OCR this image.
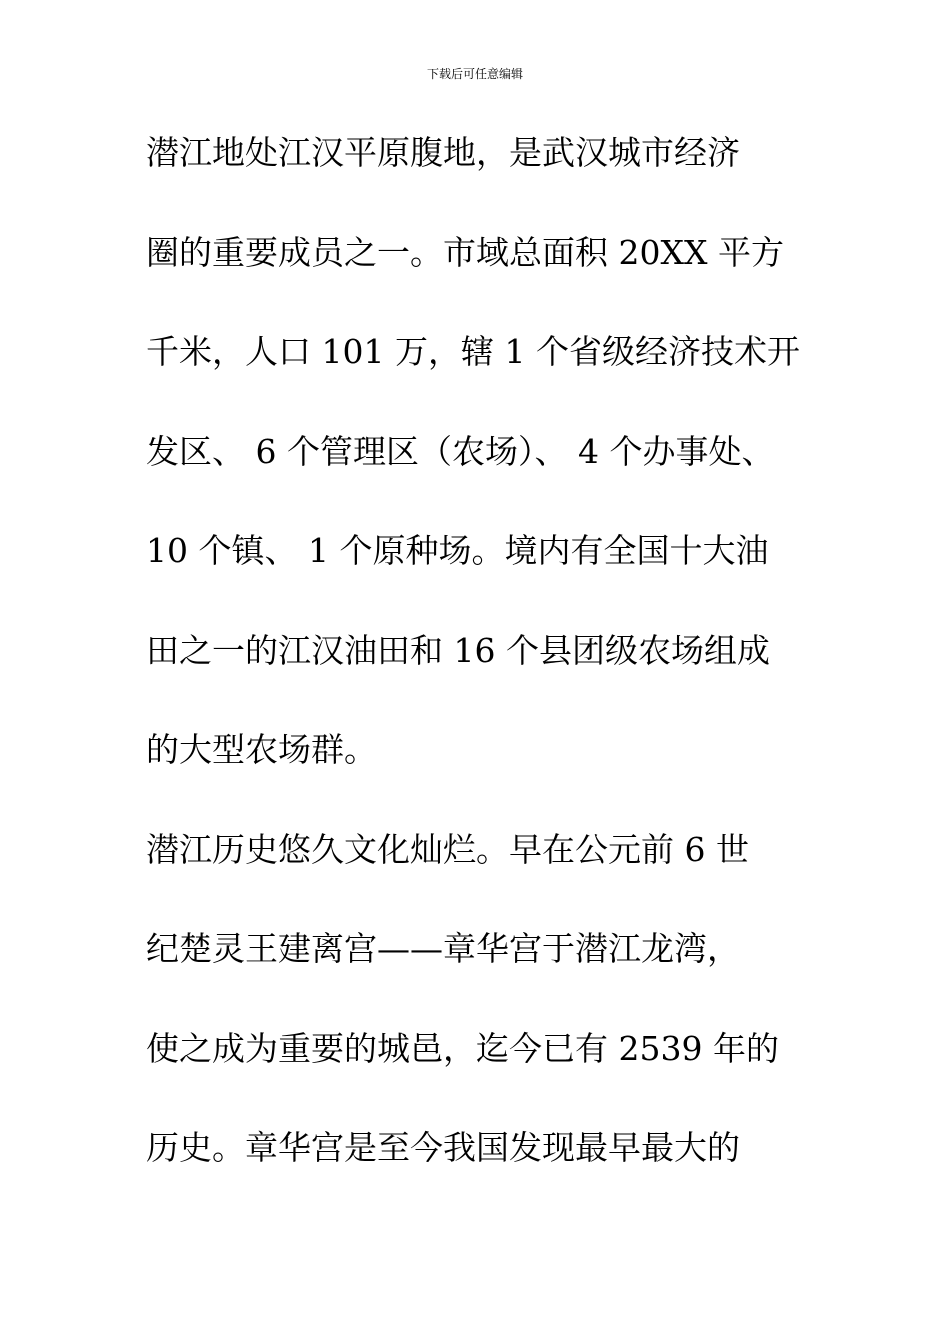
下载后可任意编辑
潜江地处江汉平原腹地，是武汉城市经济
圈的重要成员之一。市域总面积 20XX 平方
千米，人口 101 万，辖 1 个省级经济技术开
发区、 6 个管理区（农场）、 4 个办事处、
10 个镇、 1 个原种场。境内有全国十大油
田之一的江汉油田和 16 个县团级农场组成
的大型农场群。
潜江历史悠久文化灿烂。早在公元前 6 世
纪楚灵王建离宫——章华宫于潜江龙湾，
使之成为重要的城邑，迄今已有 2539 年的
历史。章华宫是至今我国发现最早最大的
